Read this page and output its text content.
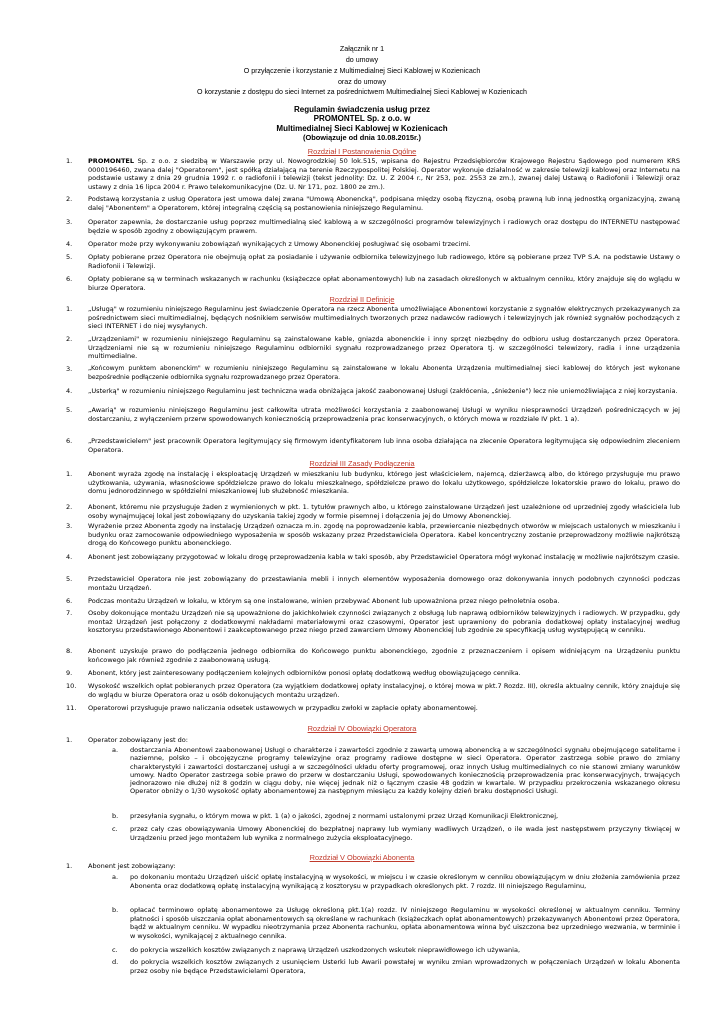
Załącznik nr 1
do umowy
O przyłączenie i korzystanie z Multimedialnej Sieci Kablowej w Kozienicach
oraz do umowy
O korzystanie z dostępu do sieci Internet za pośrednictwem Multimedialnej Sieci Kablowej w Kozienicach
Regulamin świadczenia usług przez
PROMONTEL Sp. z o.o. w
Multimedialnej Sieci Kablowej w Kozienicach
(Obowiązuje od dnia 10.08.2015r.)
Rozdział I Postanowienia Ogólne
1. PROMONTEL Sp. z o.o. z siedzibą w Warszawie przy ul. Nowogrodzkiej 50 lok.515, wpisana do Rejestru Przedsiębiorców Krajowego Rejestru Sądowego pod numerem KRS 0000196460, zwana dalej "Operatorem", jest spółką działającą na terenie Rzeczypospolitej Polskiej. Operator wykonuje działalność w zakresie telewizji kablowej oraz Internetu na podstawie ustawy z dnia 29 grudnia 1992 r. o radiofonii i telewizji (tekst jednolity: Dz. U. Z 2004 r., Nr 253, poz. 2553 ze zm.), zwanej dalej Ustawą o Radiofonii i Telewizji oraz ustawy z dnia 16 lipca 2004 r. Prawo telekomunikacyjne (Dz. U. Nr 171, poz. 1800 ze zm.).
2. Podstawą korzystania z usług Operatora jest umowa dalej zwana "Umową Abonencką", podpisana między osobą fizyczną, osobą prawną lub inną jednostką organizacyjną, zwaną dalej "Abonentem" a Operatorem, której integralną częścią są postanowienia niniejszego Regulaminu.
3. Operator zapewnia, że dostarczanie usług poprzez multimedialną sieć kablową a w szczególności programów telewizyjnych i radiowych oraz dostępu do INTERNETU następować będzie w sposób zgodny z obowiązującym prawem.
4. Operator może przy wykonywaniu zobowiązań wynikających z Umowy Abonenckiej posługiwać się osobami trzecimi.
5. Opłaty pobierane przez Operatora nie obejmują opłat za posiadanie i używanie odbiornika telewizyjnego lub radiowego, które są pobierane przez TVP S.A. na podstawie Ustawy o Radiofonii i Telewizji.
6. Opłaty pobierane są w terminach wskazanych w rachunku (książeczce opłat abonamentowych) lub na zasadach określonych w aktualnym cenniku, który znajduje się do wglądu w biurze Operatora.
Rozdział II Definicje
1. „Usługą" w rozumieniu niniejszego Regulaminu jest świadczenie Operatora na rzecz Abonenta umożliwiające Abonentowi korzystanie z sygnałów elektrycznych przekazywanych za pośrednictwem sieci multimedialnej, będących nośnikiem serwisów multimedialnych tworzonych przez nadawców radiowych i telewizyjnych jak również sygnałów pochodzących z sieci INTERNET i do niej wysyłanych.
2. „Urządzeniami" w rozumieniu niniejszego Regulaminu są zainstalowane kable, gniazda abonenckie i inny sprzęt niezbędny do odbioru usług dostarczanych przez Operatora. Urządzeniami nie są w rozumieniu niniejszego Regulaminu odbiorniki sygnału rozprowadzanego przez Operatora tj. w szczególności telewizory, radia i inne urządzenia multimedialne.
3.	„Końcowym punktem abonenckim" w rozumieniu niniejszego Regulaminu są zainstalowane w lokalu Abonenta Urządzenia multimedialnej sieci kablowej do których jest wykonane bezpośrednie podłączenie odbiornika sygnału rozprowadzanego przez Operatora.
4. „Usterką" w rozumieniu niniejszego Regulaminu jest techniczna wada obniżająca jakość zaabonowanej Usługi (zakłócenia, „śnieżenie") lecz nie uniemożliwiająca z niej korzystania.
5. „Awarią" w rozumieniu niniejszego Regulaminu jest całkowita utrata możliwości korzystania z zaabonowanej Usługi w wyniku niesprawności Urządzeń pośredniczących w jej dostarczaniu, z wyłączeniem przerw spowodowanych koniecznością przeprowadzenia prac konserwacyjnych, o których mowa w rozdziale IV pkt. 1 a).
6. „Przedstawicielem" jest pracownik Operatora legitymujący się firmowym identyfikatorem lub inna osoba działająca na zlecenie Operatora legitymująca się odpowiednim zleceniem Operatora.
Rozdział III Zasady Podłączenia
1. Abonent wyraża zgodę na instalację i eksploatację Urządzeń w mieszkaniu lub budynku, którego jest właścicielem, najemcą, dzierżawcą albo, do którego przysługuje mu prawo użytkowania, używania, własnościowe spółdzielcze prawo do lokalu mieszkalnego, spółdzielcze prawo do lokalu użytkowego, spółdzielcze lokatorskie prawo do lokalu, prawo do domu jednorodzinnego w spółdzielni mieszkaniowej lub służebność mieszkania.
2. Abonent, któremu nie przysługuje żaden z wymienionych w pkt. 1. tytułów prawnych albo, u którego zainstalowane Urządzeń jest uzależnione od uprzedniej zgody właściciela lub osoby wynajmującej lokal jest zobowiązany do uzyskania takiej zgody w formie pisemnej i dołączenia jej do Umowy Abonenckiej.
3. Wyrażenie przez Abonenta zgody na instalację Urządzeń oznacza m.in. zgodę na poprowadzenie kabla, przewiercanie niezbędnych otworów w miejscach ustalonych w mieszkaniu i budynku oraz zamocowanie odpowiedniego wyposażenia w sposób wskazany przez Przedstawiciela Operatora. Kabel koncentryczny zostanie przeprowadzony możliwie najkrótszą drogą do Końcowego punktu abonenckiego.
4. Abonent jest zobowiązany przygotować w lokalu drogę przeprowadzenia kabla w taki sposób, aby Przedstawiciel Operatora mógł wykonać instalację w możliwie najkrótszym czasie.
5. Przedstawiciel Operatora nie jest zobowiązany do przestawiania mebli i innych elementów wyposażenia domowego oraz dokonywania innych podobnych czynności podczas montażu Urządzeń.
6. Podczas montażu Urządzeń w lokalu, w którym są one instalowane, winien przebywać Abonent lub upoważniona przez niego pełnoletnia osoba.
7. Osoby dokonujące montażu Urządzeń nie są upoważnione do jakichkolwiek czynności związanych z obsługą lub naprawą odbiorników telewizyjnych i radiowych. W przypadku, gdy montaż Urządzeń jest połączony z dodatkowymi nakładami materiałowymi oraz czasowymi, Operator jest uprawniony do pobrania dodatkowej opłaty instalacyjnej według kosztorysu przedstawionego Abonentowi i zaakceptowanego przez niego przed zawarciem Umowy Abonenckiej lub zgodnie ze specyfikacją usług występującą w cenniku.
8. Abonent uzyskuje prawo do podłączenia jednego odbiornika do Końcowego punktu abonenckiego, zgodnie z przeznaczeniem i opisem widniejącym na Urządzeniu punktu końcowego jak również zgodnie z zaabonowaną usługą.
9. Abonent, który jest zainteresowany podłączeniem kolejnych odbiorników ponosi opłatę dodatkową według obowiązującego cennika.
10. Wysokość wszelkich opłat pobieranych przez Operatora (za wyjątkiem dodatkowej opłaty instalacyjnej, o której mowa w pkt.7 Rozdz. III), określa aktualny cennik, który znajduje się do wglądu w biurze Operatora oraz u osób dokonujących montażu urządzeń.
11. Operatorowi przysługuje prawo naliczania odsetek ustawowych w przypadku zwłoki w zapłacie opłaty abonamentowej.
Rozdział IV Obowiązki Operatora
1. Operator zobowiązany jest do:
a. dostarczania Abonentowi zaabonowanej Usługi o charakterze i zawartości zgodnie z zawartą umową abonencką a w szczególności sygnału obejmującego satelitarne i naziemne, polsko – i obcojęzyczne programy telewizyjne oraz programy radiowe dostępne w sieci Operatora. Operator zastrzega sobie prawo do zmiany charakterystyki i zawartości dostarczanej usługi a w szczególności układu oferty programowej, oraz innych Usług multimedialnych co nie stanowi zmiany warunków umowy. Nadto Operator zastrzega sobie prawo do przerw w dostarczaniu Usługi, spowodowanych koniecznością przeprowadzenia prac konserwacyjnych, trwających jednorazowo nie dłużej niż 8 godzin w ciągu doby, nie więcej jednak niż o łącznym czasie 48 godzin w kwartale. W przypadku przekroczenia wskazanego okresu Operator obniży o 1/30 wysokość opłaty abonamentowej za następnym miesiącu za każdy kolejny dzień braku dostępności Usługi.
b. przesyłania sygnału, o którym mowa w pkt. 1 (a) o jakości, zgodnej z normami ustalonymi przez Urząd Komunikacji Elektronicznej,
c. przez cały czas obowiązywania Umowy Abonenckiej do bezpłatnej naprawy lub wymiany wadliwych Urządzeń, o ile wada jest następstwem przyczyny tkwiącej w Urządzeniu przed jego montażem lub wynika z normalnego zużycia eksploatacyjnego.
Rozdział V Obowiązki Abonenta
1. Abonent jest zobowiązany:
a. po dokonaniu montażu Urządzeń uiścić opłatę instalacyjną w wysokości, w miejscu i w czasie określonym w cenniku obowiązującym w dniu złożenia zamówienia przez Abonenta oraz dodatkową opłatę instalacyjną wynikającą z kosztorysu w przypadkach określonych pkt. 7 rozdz. III niniejszego Regulaminu,
b. opłacać terminowo opłatę abonamentowe za Usługę określoną pkt.1(a) rozdz. IV niniejszego Regulaminu w wysokości określonej w aktualnym cenniku. Terminy płatności i sposób uiszczania opłat abonamentowych są określane w rachunkach (książeczkach opłat abonamentowych) przekazywanych Abonentowi przez Operatora, bądź w aktualnym cenniku. W wypadku nieotrzymania przez Abonenta rachunku, opłata abonamentowa winna być uiszczona bez uprzedniego wezwania, w terminie i w wysokości, wynikającej z aktualnego cennika.
c. do pokrycia wszelkich kosztów związanych z naprawą Urządzeń uszkodzonych wskutek nieprawidłowego ich używania,
d. do pokrycia wszelkich kosztów związanych z usunięciem Usterki lub Awarii powstałej w wyniku zmian wprowadzonych w połączeniach Urządzeń w lokalu Abonenta przez osoby nie będące Przedstawicielami Operatora,
